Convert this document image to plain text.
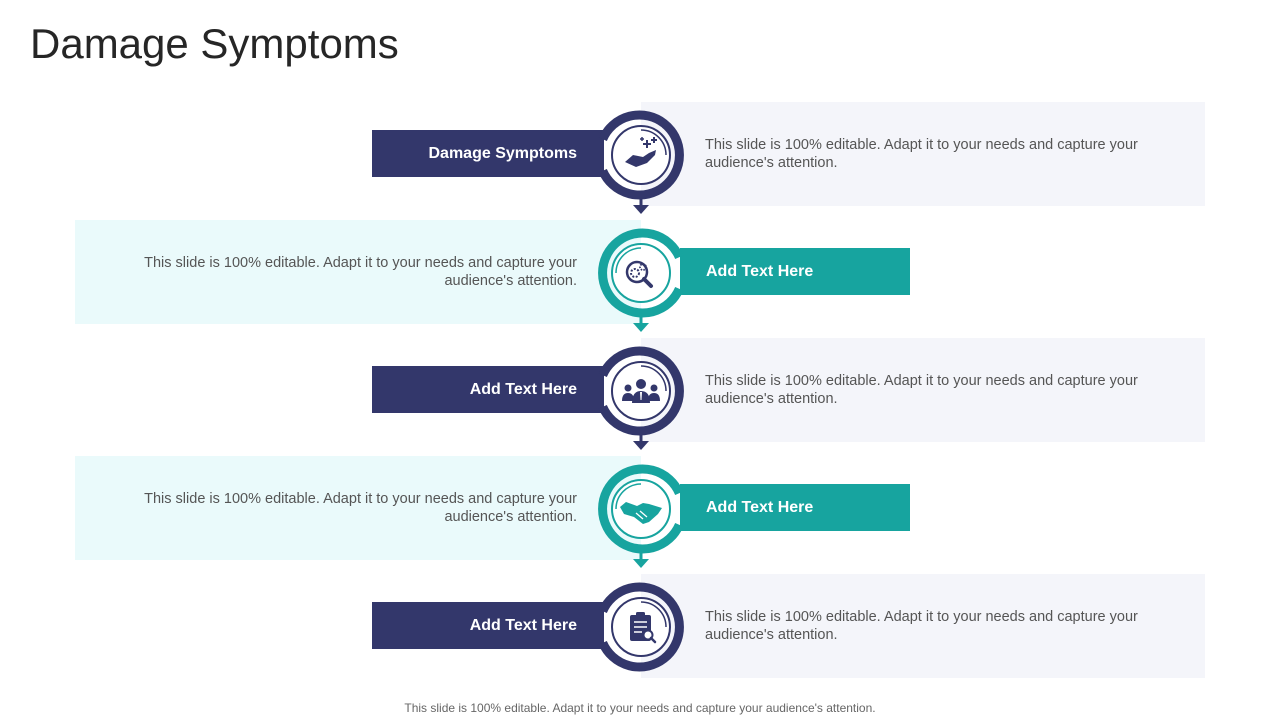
Damage Symptoms
This slide is 100% editable. Adapt it to your needs and capture your audience's attention.
Damage Symptoms
This slide is 100% editable. Adapt it to your needs and capture your audience's attention.
Add Text Here
This slide is 100% editable. Adapt it to your needs and capture your audience's attention.
Add Text Here
This slide is 100% editable. Adapt it to your needs and capture your audience's attention.
Add Text Here
This slide is 100% editable. Adapt it to your needs and capture your audience's attention.
Add Text Here
This slide is 100% editable. Adapt it to your needs and capture your audience's attention.
